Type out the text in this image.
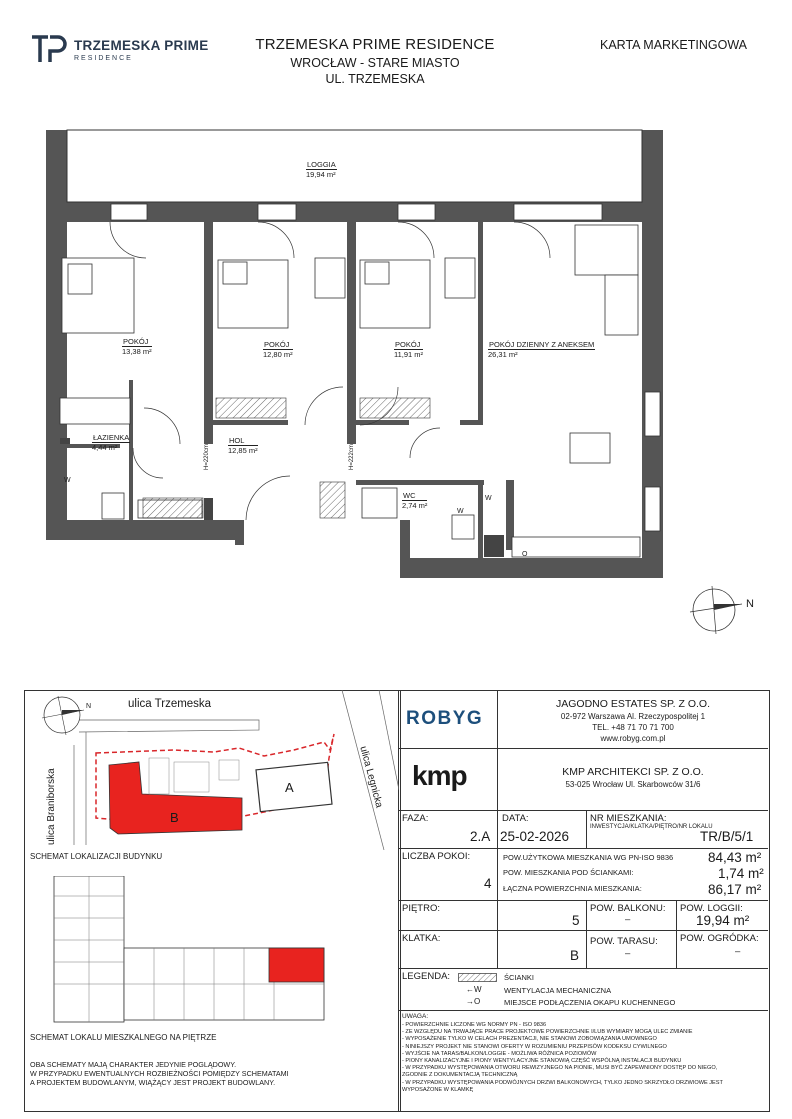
TRZEMESKA PRIME
RESIDENCE
TRZEMESKA PRIME RESIDENCE
WROCŁAW - STARE MIASTO
UL. TRZEMESKA
KARTA MARKETINGOWA
W
W
W
O
N
H=220cm	H=222cm
LOGGIA
19,94 m²
POKÓJ
13,38 m²
POKÓJ
12,80 m²
POKÓJ
11,91 m²
POKÓJ DZIENNY Z ANEKSEM
26,31 m²
ŁAZIENKA
4,44 m²
HOL
12,85 m²
WC
2,74 m²
N	ulica Trzemeska
ulica Braniborska	ulica Legnicka
A
B
SCHEMAT LOKALIZACJI BUDYNKU
SCHEMAT LOKALU MIESZKALNEGO NA PIĘTRZE
OBA SCHEMATY MAJĄ CHARAKTER JEDYNIE POGLĄDOWY.
W PRZYPADKU EWENTUALNYCH ROZBIEŻNOŚCI POMIĘDZY SCHEMATAMI
A PROJEKTEM BUDOWLANYM, WIĄŻĄCY JEST PROJEKT BUDOWLANY.
ROBYG
JAGODNO ESTATES SP. Z O.O.
02-972 Warszawa Al. Rzeczypospolitej 1
TEL. +48 71 70 71 700
www.robyg.com.pl
kmp	KMP ARCHITEKCI SP. Z O.O.
53-025 Wrocław Ul. Skarbowców 31/6
FAZA:
2.A
DATA:
25-02-2026
NR MIESZKANIA:
INWESTYCJA/KLATKA/PIĘTRO/NR LOKALU
TR/B/5/1
LICZBA POKOI:
4
POW.UŻYTKOWA MIESZKANIA WG PN-ISO 9836	84,43 m²
POW. MIESZKANIA POD ŚCIANKAMI:	1,74 m²
ŁĄCZNA POWIERZCHNIA MIESZKANIA:	86,17 m²
PIĘTRO:
5
POW. BALKONU:
–
POW. LOGGII:
19,94 m²
KLATKA:
B
POW. TARASU:
–
POW. OGRÓDKA:
–
LEGENDA:	ŚCIANKI
←W	WENTYLACJA MECHANICZNA
→O	MIEJSCE PODŁĄCZENIA OKAPU KUCHENNEGO
UWAGA:
- POWIERZCHNIE LICZONE WG NORMY PN - ISO 9836
- ZE WZGLĘDU NA TRWAJĄCE PRACE PROJEKTOWE POWIERZCHNIE I/LUB WYMIARY MOGĄ ULEC ZMIANIE
- WYPOSAŻENIE TYLKO W CELACH PREZENTACJI, NIE STANOWI ZOBOWIĄZANIA UMOWNEGO
- NINIEJSZY PROJEKT NIE STANOWI OFERTY W ROZUMIENIU PRZEPISÓW KODEKSU CYWILNEGO
- WYJŚCIE NA TARAS/BALKON/LOGGIE - MOŻLIWA RÓŻNICA POZIOMÓW
- PIONY KANALIZACYJNE I PIONY WENTYLACYJNE STANOWIĄ CZĘŚĆ WSPÓLNĄ INSTALACJI BUDYNKU
- W PRZYPADKU WYSTĘPOWANIA OTWORU REWIZYJNEGO NA PIONIE, MUSI BYĆ ZAPEWNIONY DOSTĘP DO NIEGO,
ZGODNIE Z DOKUMENTACJĄ TECHNICZNĄ
- W PRZYPADKU WYSTĘPOWANIA PODWÓJNYCH DRZWI BALKONOWYCH, TYLKO JEDNO SKRZYDŁO DRZWIOWE JEST
WYPOSAŻONE W KLAMKĘ
